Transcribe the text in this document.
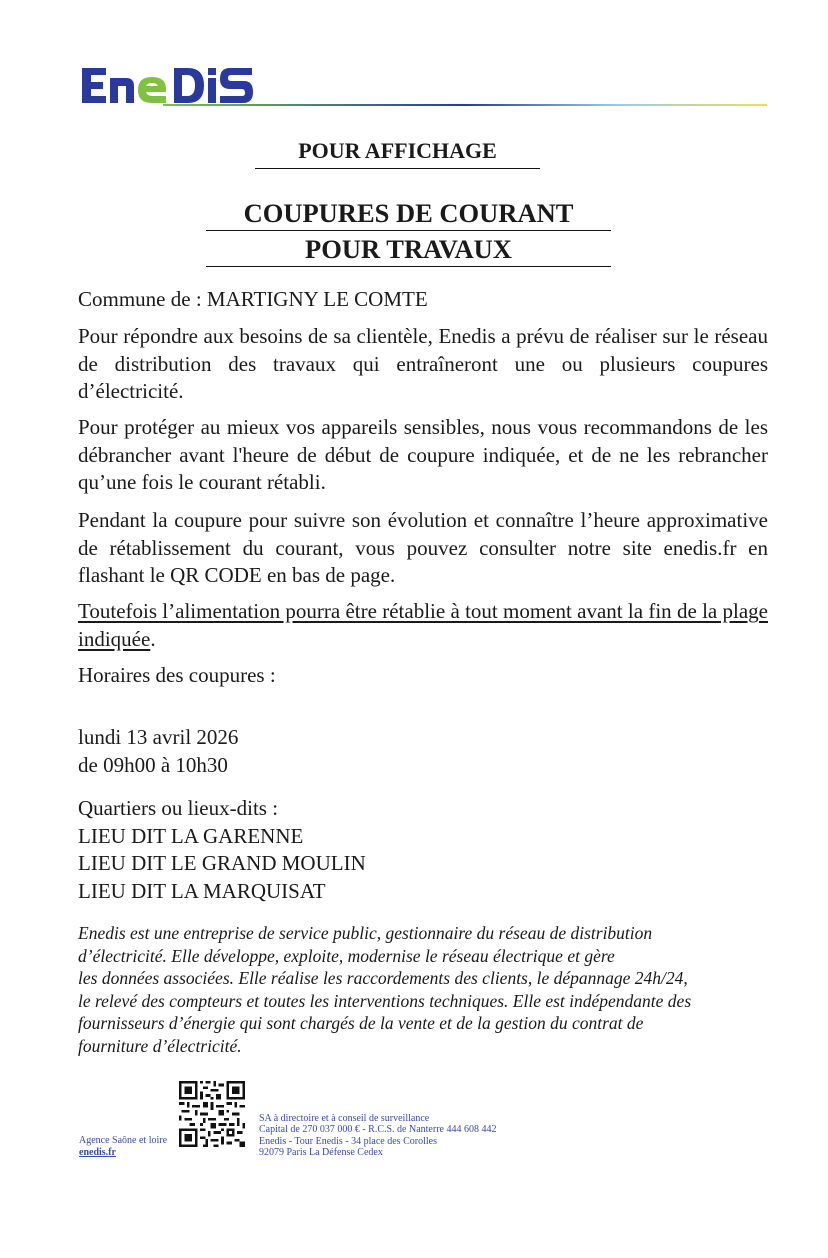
POUR AFFICHAGE
COUPURES DE COURANT
POUR TRAVAUX
Commune de : MARTIGNY LE COMTE
Pour répondre aux besoins de sa clientèle, Enedis a prévu de réaliser sur le réseau de distribution des travaux qui entraîneront une ou plusieurs coupures d’électricité.
Pour protéger au mieux vos appareils sensibles, nous vous recommandons de les débrancher avant l'heure de début de coupure indiquée, et de ne les rebrancher qu’une fois le courant rétabli.
Pendant la coupure pour suivre son évolution et connaître l’heure approximative de rétablissement du courant, vous pouvez consulter notre site enedis.fr en flashant le QR CODE en bas de page.
Toutefois l’alimentation pourra être rétablie à tout moment avant la fin de la plage indiquée.
Horaires des coupures :
lundi 13 avril 2026
de 09h00 à 10h30
Quartiers ou lieux-dits :
LIEU DIT LA GARENNE
LIEU DIT LE GRAND MOULIN
LIEU DIT LA MARQUISAT
Enedis est une entreprise de service public, gestionnaire du réseau de distribution
d’électricité. Elle développe, exploite, modernise le réseau électrique et gère
les données associées. Elle réalise les raccordements des clients, le dépannage 24h/24,
le relevé des compteurs et toutes les interventions techniques. Elle est indépendante des
fournisseurs d’énergie qui sont chargés de la vente et de la gestion du contrat de
fourniture d’électricité.
Agence Saône et loire
enedis.fr
SA à directoire et à conseil de surveillance
Capital de 270 037 000 € - R.C.S. de Nanterre 444 608 442
Enedis - Tour Enedis - 34 place des Corolles
92079 Paris La Défense Cedex
